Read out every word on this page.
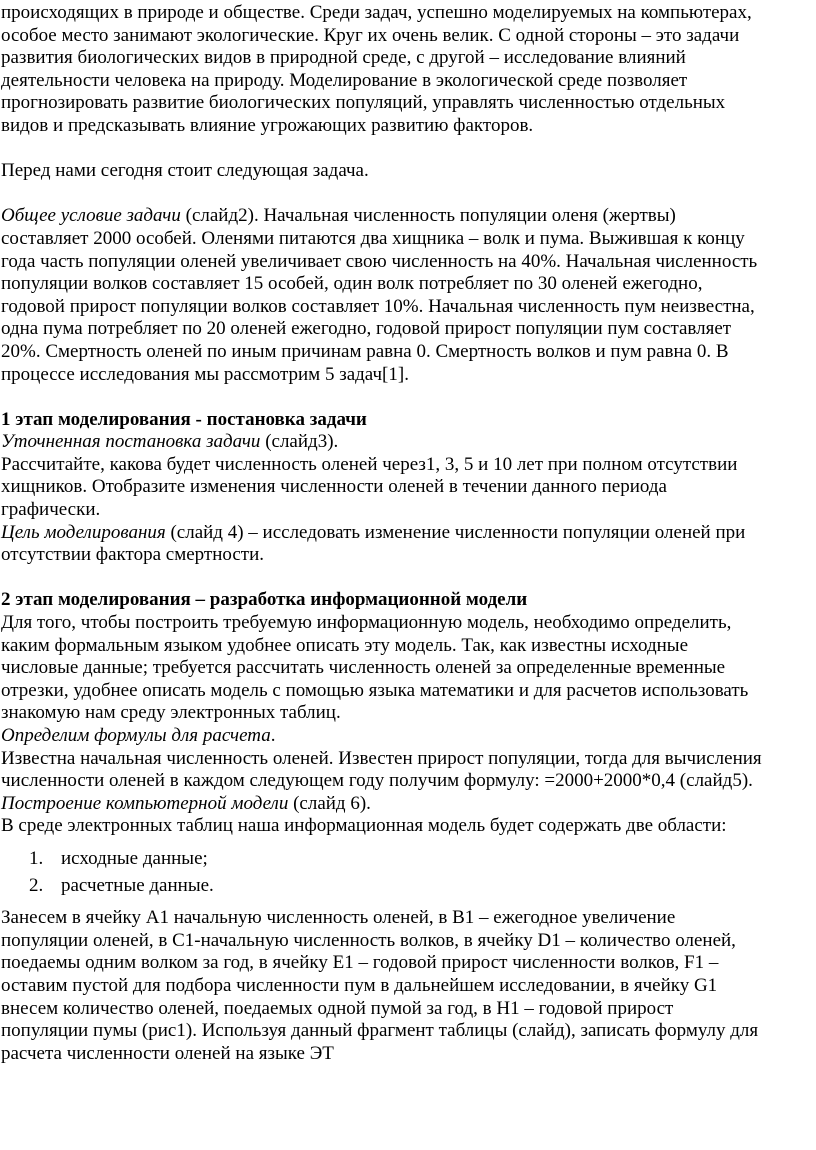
происходящих в природе и обществе. Среди задач, успешно моделируемых на компьютерах,
особое место занимают экологические. Круг их очень велик. С одной стороны – это задачи
развития биологических видов в природной среде, с другой – исследование влияний
деятельности человека на природу. Моделирование в экологической среде позволяет
прогнозировать развитие биологических популяций, управлять численностью отдельных
видов и предсказывать влияние угрожающих развитию факторов.
Перед нами сегодня стоит следующая задача.
Общее условие задачи (слайд2). Начальная численность популяции оленя (жертвы)
составляет 2000 особей. Оленями питаются два хищника – волк и пума. Выжившая к концу
года часть популяции оленей увеличивает свою численность на 40%. Начальная численность
популяции волков составляет 15 особей, один волк потребляет по 30 оленей ежегодно,
годовой прирост популяции волков составляет 10%. Начальная численность пум неизвестна,
одна пума потребляет по 20 оленей ежегодно, годовой прирост популяции пум составляет
20%. Смертность оленей по иным причинам равна 0. Смертность волков и пум равна 0. В
процессе исследования мы рассмотрим 5 задач[1].
1 этап моделирования - постановка задачи
Уточненная постановка задачи (слайд3).
Рассчитайте, какова будет численность оленей через1, 3, 5 и 10 лет при полном отсутствии
хищников. Отобразите изменения численности оленей в течении данного периода
графически.
Цель моделирования (слайд 4) – исследовать изменение численности популяции оленей при
отсутствии фактора смертности.
2 этап моделирования – разработка информационной модели
Для того, чтобы построить требуемую информационную модель, необходимо определить,
каким формальным языком удобнее описать эту модель. Так, как известны исходные
числовые данные; требуется рассчитать численность оленей за определенные временные
отрезки, удобнее описать модель с помощью языка математики и для расчетов использовать
знакомую нам среду электронных таблиц.
Определим формулы для расчета.
Известна начальная численность оленей. Известен прирост популяции, тогда для вычисления
численности оленей в каждом следующем году получим формулу: =2000+2000*0,4 (слайд5).
Построение компьютерной модели (слайд 6).
В среде электронных таблиц наша информационная модель будет содержать две области:
1. исходные данные;
2. расчетные данные.
Занесем в ячейку А1 начальную численность оленей, в В1 – ежегодное увеличение
популяции оленей, в С1-начальную численность волков, в ячейку D1 – количество оленей,
поедаемы одним волком за год, в ячейку Е1 – годовой прирост численности волков, F1 –
оставим пустой для подбора численности пум в дальнейшем исследовании, в ячейку G1
внесем количество оленей, поедаемых одной пумой за год, в Н1 – годовой прирост
популяции пумы (рис1). Используя данный фрагмент таблицы (слайд), записать формулу для
расчета численности оленей на языке ЭТ
